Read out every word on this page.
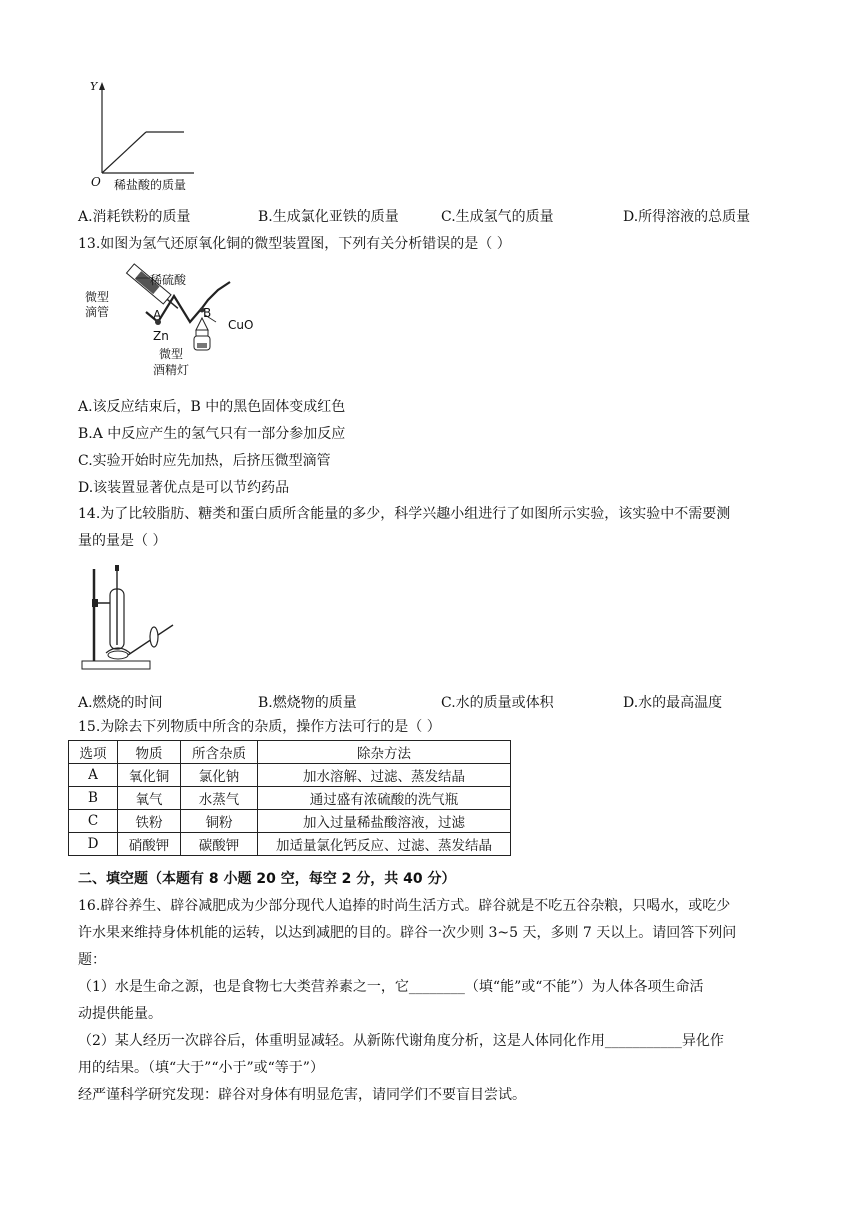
Y
O 稀盐酸的质量
A.消耗铁粉的质量	B.生成氯化亚铁的质量	C.生成氢气的质量	D.所得溶液的总质量
13.如图为氢气还原氧化铜的微型装置图，下列有关分析错误的是（ ）
微型
滴管
稀硫酸
A	B
Zn
CuO
微型
酒精灯
A.该反应结束后，B 中的黑色固体变成红色
B.A 中反应产生的氢气只有一部分参加反应
C.实验开始时应先加热，后挤压微型滴管
D.该装置显著优点是可以节约药品
14.为了比较脂肪、糖类和蛋白质所含能量的多少，科学兴趣小组进行了如图所示实验，该实验中不需要测
量的量是（ ）
A.燃烧的时间	B.燃烧物的质量	C.水的质量或体积	D.水的最高温度
15.为除去下列物质中所含的杂质，操作方法可行的是（ ）
选项	物质	所含杂质	除杂方法
A	氧化铜	氯化钠	加水溶解、过滤、蒸发结晶
B	氧气	水蒸气	通过盛有浓硫酸的洗气瓶
C	铁粉	铜粉	加入过量稀盐酸溶液，过滤
D	硝酸钾	碳酸钾	加适量氯化钙反应、过滤、蒸发结晶
二、填空题（本题有 8 小题 20 空，每空 2 分，共 40 分）
16.辟谷养生、辟谷减肥成为少部分现代人追捧的时尚生活方式。辟谷就是不吃五谷杂粮，只喝水，或吃少
许水果来维持身体机能的运转，以达到减肥的目的。辟谷一次少则 3~5 天，多则 7 天以上。请回答下列问
题：
（1）水是生命之源，也是食物七大类营养素之一，它________（填“能”或“不能”）为人体各项生命活
动提供能量。
（2）某人经历一次辟谷后，体重明显减轻。从新陈代谢角度分析，这是人体同化作用___________异化作
用的结果。（填“大于”“小于”或“等于”）
经严谨科学研究发现：辟谷对身体有明显危害，请同学们不要盲目尝试。
